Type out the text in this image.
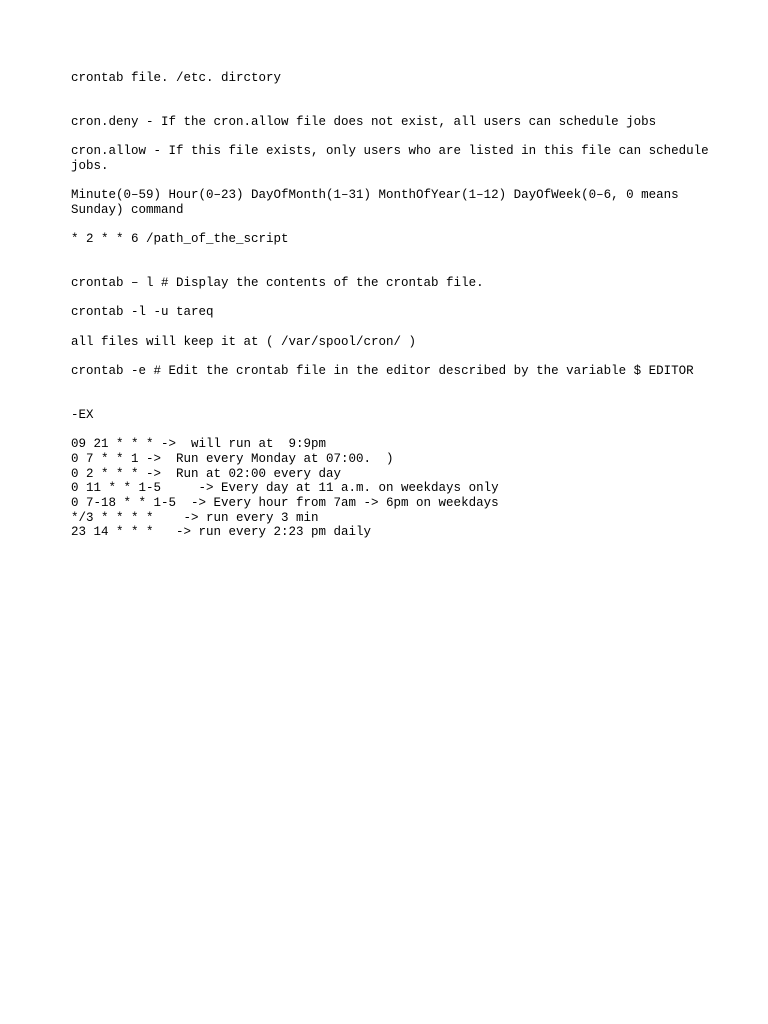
crontab file. /etc. dirctory

cron.deny - If the cron.allow file does not exist, all users can schedule jobs

cron.allow - If this file exists, only users who are listed in this file can schedule jobs.

Minute(0–59) Hour(0–23) DayOfMonth(1–31) MonthOfYear(1–12) DayOfWeek(0–6, 0 means Sunday) command

* 2 * * 6 /path_of_the_script

crontab – l # Display the contents of the crontab file.

crontab -l -u tareq

all files will keep it at ( /var/spool/cron/ )

crontab -e # Edit the crontab file in the editor described by the variable $ EDITOR

-EX

09 21 * * * ->  will run at  9:9pm
0 7 * * 1 ->  Run every Monday at 07:00.  )
0 2 * * * ->  Run at 02:00 every day
0 11 * * 1-5     -> Every day at 11 a.m. on weekdays only
0 7-18 * * 1-5  -> Every hour from 7am -> 6pm on weekdays
*/3 * * * *    -> run every 3 min
23 14 * * *   -> run every 2:23 pm daily
